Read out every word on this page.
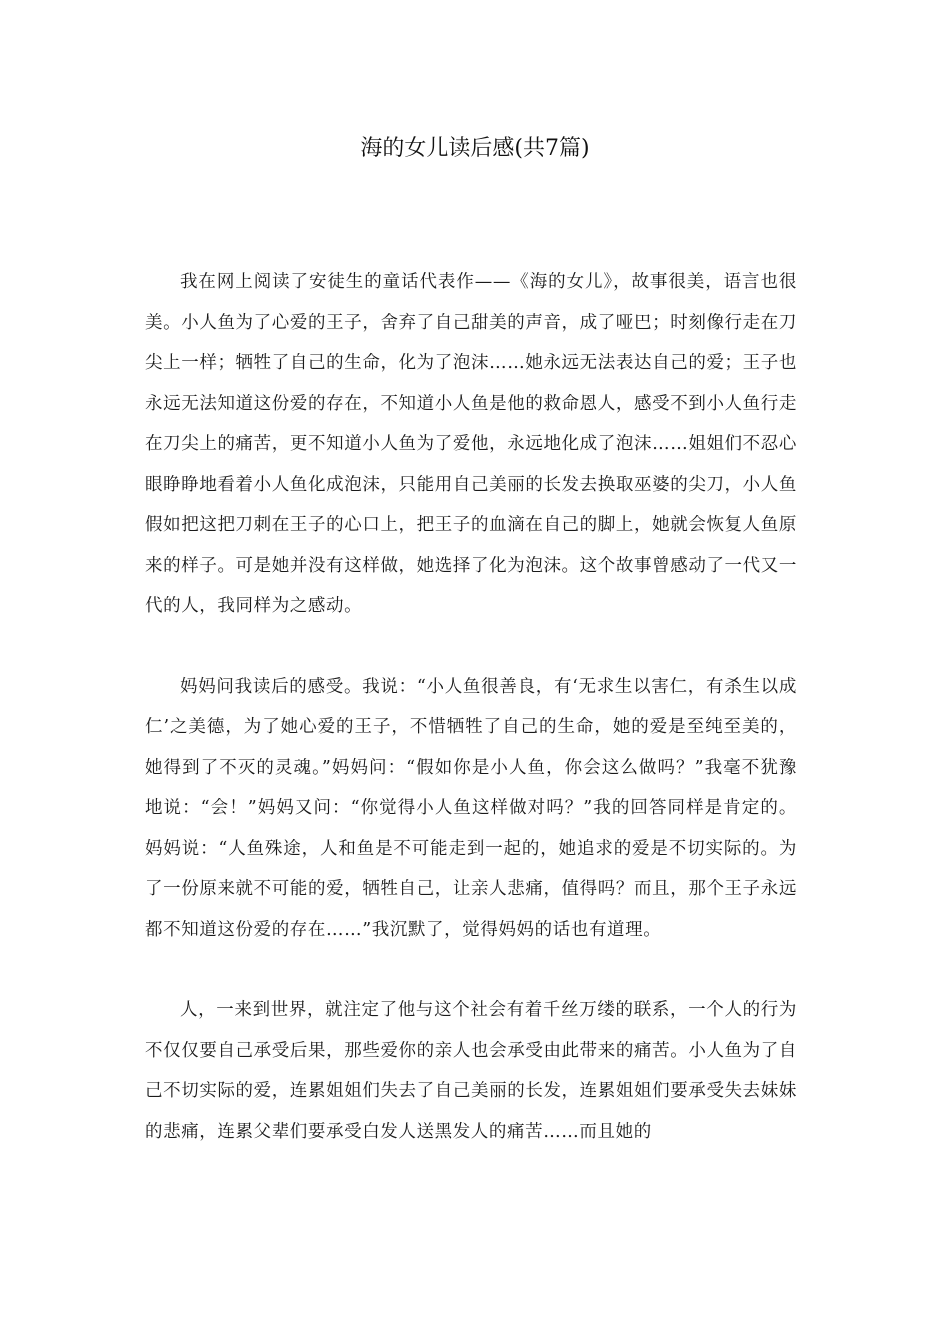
海的女儿读后感(共7篇)

我在网上阅读了安徒生的童话代表作——《海的女儿》，故事很美，语言也很美。小人鱼为了心爱的王子，舍弃了自己甜美的声音，成了哑巴；时刻像行走在刀尖上一样；牺牲了自己的生命，化为了泡沫……她永远无法表达自己的爱；王子也永远无法知道这份爱的存在，不知道小人鱼是他的救命恩人，感受不到小人鱼行走在刀尖上的痛苦，更不知道小人鱼为了爱他，永远地化成了泡沫……姐姐们不忍心眼睁睁地看着小人鱼化成泡沫，只能用自己美丽的长发去换取巫婆的尖刀，小人鱼假如把这把刀刺在王子的心口上，把王子的血滴在自己的脚上，她就会恢复人鱼原来的样子。可是她并没有这样做，她选择了化为泡沫。这个故事曾感动了一代又一代的人，我同样为之感动。

妈妈问我读后的感受。我说：“小人鱼很善良，有‘无求生以害仁，有杀生以成仁’之美德，为了她心爱的王子，不惜牺牲了自己的生命，她的爱是至纯至美的，她得到了不灭的灵魂。”妈妈问：“假如你是小人鱼，你会这么做吗？”我毫不犹豫地说：“会！”妈妈又问：“你觉得小人鱼这样做对吗？”我的回答同样是肯定的。妈妈说：“人鱼殊途，人和鱼是不可能走到一起的，她追求的爱是不切实际的。为了一份原来就不可能的爱，牺牲自己，让亲人悲痛，值得吗？而且，那个王子永远都不知道这份爱的存在……”我沉默了，觉得妈妈的话也有道理。

人，一来到世界，就注定了他与这个社会有着千丝万缕的联系，一个人的行为不仅仅要自己承受后果，那些爱你的亲人也会承受由此带来的痛苦。小人鱼为了自己不切实际的爱，连累姐姐们失去了自己美丽的长发，连累姐姐们要承受失去妹妹的悲痛，连累父辈们要承受白发人送黑发人的痛苦……而且她的
